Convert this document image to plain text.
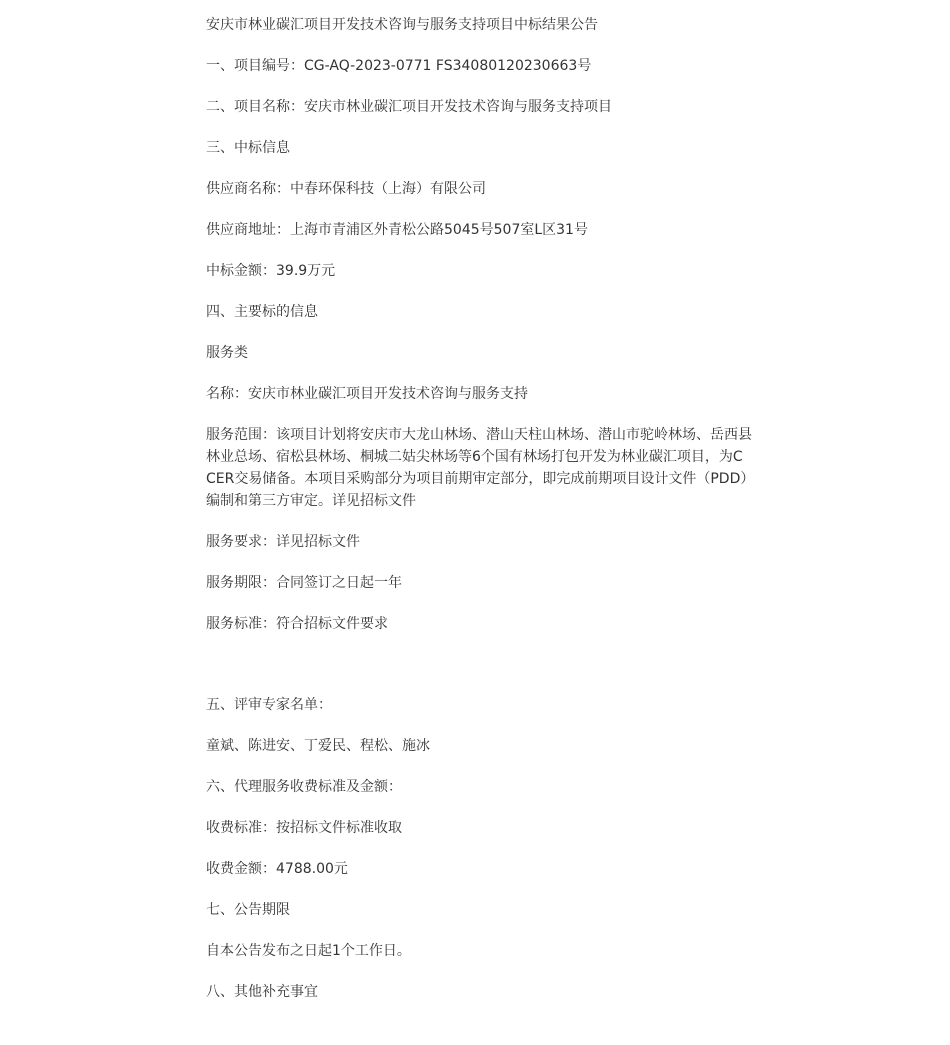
安庆市林业碳汇项目开发技术咨询与服务支持项目中标结果公告

一、项目编号：CG-AQ-2023-0771 FS34080120230663号

二、项目名称：安庆市林业碳汇项目开发技术咨询与服务支持项目

三、中标信息

供应商名称：中春环保科技（上海）有限公司

供应商地址：上海市青浦区外青松公路5045号507室L区31号

中标金额：39.9万元

四、主要标的信息

服务类

名称：安庆市林业碳汇项目开发技术咨询与服务支持

服务范围：该项目计划将安庆市大龙山林场、潜山天柱山林场、潜山市驼岭林场、岳西县林业总场、宿松县林场、桐城二姑尖林场等6个国有林场打包开发为林业碳汇项目，为CCER交易储备。本项目采购部分为项目前期审定部分，即完成前期项目设计文件（PDD）编制和第三方审定。详见招标文件

服务要求：详见招标文件

服务期限：合同签订之日起一年

服务标准：符合招标文件要求

五、评审专家名单：

童斌、陈进安、丁爱民、程松、施冰

六、代理服务收费标准及金额：

收费标准：按招标文件标准收取

收费金额：4788.00元

七、公告期限

自本公告发布之日起1个工作日。

八、其他补充事宜
